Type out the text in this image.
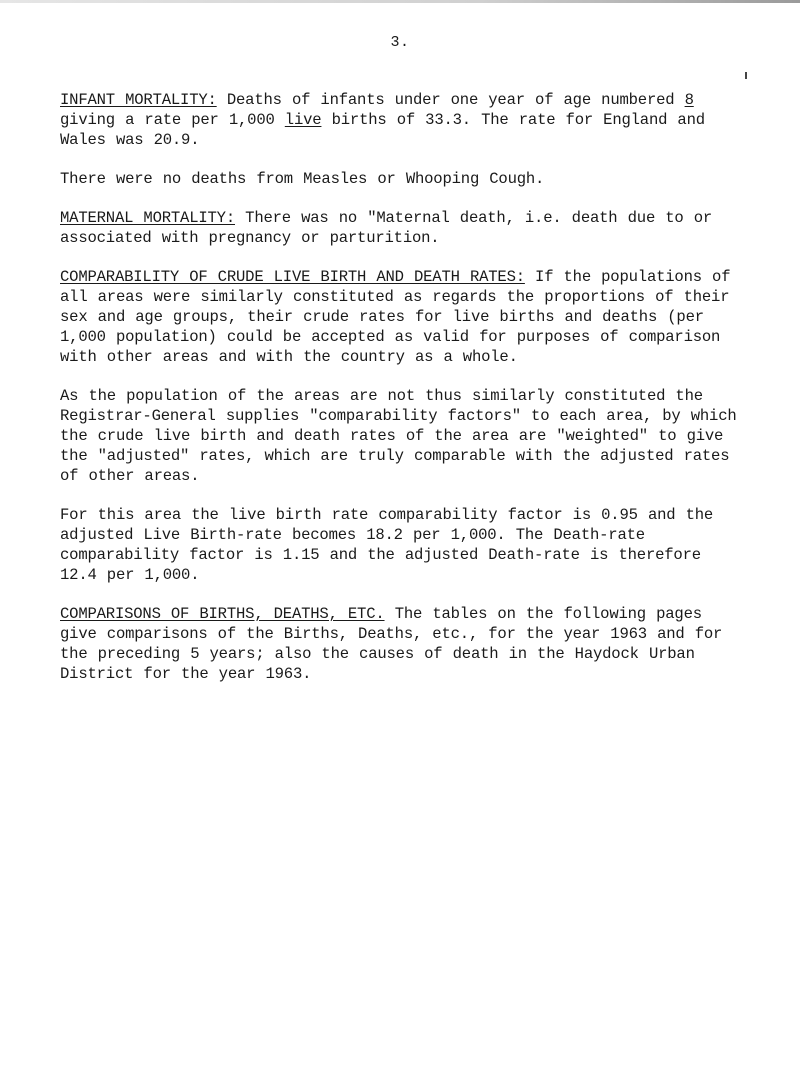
3.

INFANT MORTALITY: Deaths of infants under one year of age numbered 8 giving a rate per 1,000 live births of 33.3. The rate for England and Wales was 20.9.

There were no deaths from Measles or Whooping Cough.

MATERNAL MORTALITY: There was no "Maternal death, i.e. death due to or associated with pregnancy or parturition.

COMPARABILITY OF CRUDE LIVE BIRTH AND DEATH RATES: If the populations of all areas were similarly constituted as regards the proportions of their sex and age groups, their crude rates for live births and deaths (per 1,000 population) could be accepted as valid for purposes of comparison with other areas and with the country as a whole.

As the population of the areas are not thus similarly constituted the Registrar-General supplies "comparability factors" to each area, by which the crude live birth and death rates of the area are "weighted" to give the "adjusted" rates, which are truly comparable with the adjusted rates of other areas.

For this area the live birth rate comparability factor is 0.95 and the adjusted Live Birth-rate becomes 18.2 per 1,000. The Death-rate comparability factor is 1.15 and the adjusted Death-rate is therefore 12.4 per 1,000.

COMPARISONS OF BIRTHS, DEATHS, ETC. The tables on the following pages give comparisons of the Births, Deaths, etc., for the year 1963 and for the preceding 5 years; also the causes of death in the Haydock Urban District for the year 1963.
